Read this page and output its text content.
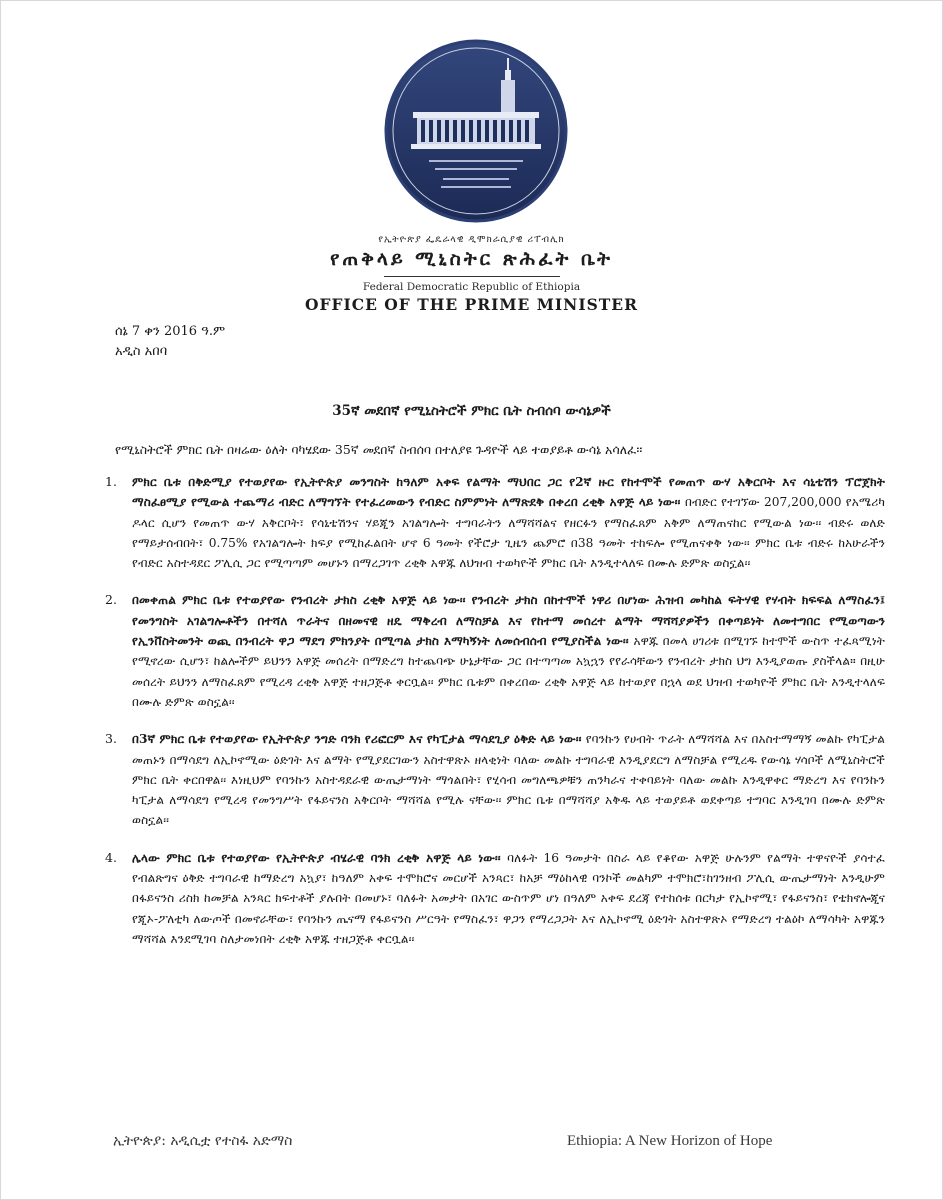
የኢትዮጵያ ፌዴራላዊ ዲሞክራሲያዊ ሪፐብሊክ
የጠቅላይ ሚኒስትር ጽሕፈት ቤት
Federal Democratic Republic of Ethiopia
OFFICE OF THE PRIME MINISTER
ሰኔ 7 ቀን 2016 ዓ.ም
አዲስ አበባ
35ኛ መደበኛ የሚኒስትሮች ምክር ቤት ስብሰባ ውሳኔዎች
የሚኒስትሮች ምክር ቤት በዛሬው ዕለት ባካሄደው 35ኛ መደበኛ ስብሰባ በተለያዩ ጉዳዮች ላይ ተወያይቶ ውሳኔ አሳለፈ፡፡
1. ምክር ቤቱ በቅድሚያ የተወያየው የኢትዮጵያ መንግስት ከዓለም አቀፍ የልማት ማህበር ጋር የ2ኛ ዙር የከተሞች የመጠጥ ውሃ አቅርቦት እና ሳኒቴሽን ፕሮጀክት ማስፈፀሚያ የሚውል ተጨማሪ ብድር ለማግኘት የተፈረመውን የብድር ስምምነት ለማጽደቅ በቀረበ ረቂቅ አዋጅ ላይ ነው፡፡ በብድር የተገኘው 207,200,000 የአሜሪካ ዶላር ሲሆን የመጠጥ ውሃ አቅርቦት፣ የሳኒቴሽንና ሃይጂን አገልግሎት ተግባራትን ለማሻሻልና የዘርፉን የማስፈጸም አቅም ለማጠናከር የሚውል ነው፡፡ ብድሩ ወለድ የማይታሰብበት፣ 0.75% የአገልግሎት ክፍያ የሚከፈልበት ሆኖ 6 ዓመት የችሮታ ጊዜን ጨምሮ በ38 ዓመት ተከፍሎ የሚጠናቀቅ ነው፡፡ ምክር ቤቱ ብድሩ ከአሁራችን የብድር አስተዳደር ፖሊሲ ጋር የሚጣጣም መሆኑን በማረጋገጥ ረቂቅ አዋጁ ለህዝብ ተወካዮች ምክር ቤት እንዲተላለፍ በሙሉ ድምጽ ወስኗል፡፡
2. በመቀጠል ምክር ቤቱ የተወያየው የንብረት ታክስ ረቂቅ አዋጅ ላይ ነው፡፡ የንብረት ታክስ በከተሞች ነዋሪ በሆነው ሕዝብ መካከል ፍትሃዊ የሃብት ክፍፍል ለማስፈን፤ የመንግስት አገልግሎቶችን በተሻለ ጥራትና በዘመናዊ ዘዴ ማቅረብ ለማስቻል እና የከተማ መሰረተ ልማት ማሻሻያዎችን በቀጣይነት ለመተግበር የሚወጣውን የኢንቨስትመንት ወጪ በንብረት ዋጋ ማደግ ምክንያት በሚጣል ታክስ እማካኝነት ለመሰብሰብ የሚያስችል ነው፡፡ አዋጁ በመላ ሀገሪቱ በሚገኙ ከተሞች ውስጥ ተፈጻሚነት የሚኖረው ሲሆን፣ ከልሎችም ይህንን አዋጅ መሰረት በማድረግ ከተጨባጭ ሁኔታቸው ጋር በተጣጣመ አኳኋን የየራሳቸውን የንብረት ታክስ ህግ እንዲያወጡ ያስችላል። በዚሁ መሰረት ይህንን ለማስፈጸም የሚረዳ ረቂቅ አዋጅ ተዘጋጅቶ ቀርቧል፡፡ ምክር ቤቱም በቀረበው ረቂቅ አዋጅ ላይ ከተወያየ በኋላ ወደ ህዝብ ተወካዮች ምክር ቤት እንዲተላለፍ በሙሉ ድምጽ ወስኗል፡፡
3. በ3ኛ ምክር ቤቱ የተወያየው የኢትዮጵያ ንግድ ባንክ የሪፎርም እና የካፒታል ማሳደጊያ ዕቅድ ላይ ነው፡፡ የባንኩን የሀብት ጥራት ለማሻሻል እና በአስተማማኝ መልኩ የካፒታል መጠኑን በማሳደግ ለኢኮኖሚው ዕድገት እና ልማት የሚያደርገውን አስተዋጽኦ ዘላቂነት ባለው መልኩ ተግባራዊ እንዲያደርግ ለማስቻል የሚረዱ የውሳኔ ሃሳቦች ለሚኒስትሮች ምክር ቤት ቀርበዋል፡፡ እነዚህም የባንኩን አስተዳደራዊ ውጤታማነት ማጎልበት፣ የሂሳብ መግለጫዎቹን ጠንካራና ተቀባይነት ባለው መልኩ እንዲዋቀር ማድረግ እና የባንኩን ካፒታል ለማሳደግ የሚረዳ የመንግሥት የፋይናንስ አቅርቦት ማሻሻል የሚሉ ናቸው፡፡ ምክር ቤቱ በማሻሻያ አቅዱ ላይ ተወያይቶ ወደቀጣይ ተግባር እንዲገባ በሙሉ ድምጽ ወስኗል፡፡
4. ሌላው ምክር ቤቱ የተወያየው የኢትዮጵያ ብሄራዊ ባንክ ረቂቅ አዋጅ ላይ ነው፡፡ ባለፉት 16 ዓመታት በስራ ላይ የቆየው አዋጅ ሁሉንም የልማት ተዋናዮች ያሳተፈ የብልጽግና ዕቅድ ተግባራዊ ከማድረግ አኳያ፣ ከዓለም አቀፍ ተሞክሮና መርሆች አንጻር፣ ከአቻ ማዕከላዊ ባንኮች መልካም ተሞክሮ፣ከገንዘብ ፖሊሲ ውጤታማነት እንዲሁም በፋይናንስ ሪስክ ከመቻል አንጻር ክፍተቶች ያሉበት በመሆኑ፣ ባለፉት አመታት በአገር ውስጥም ሆነ በዓለም አቀፍ ደረጃ የተከሰቱ በርካታ የኢኮኖሚ፣ የፋይናንስ፣ የቴክኖሎጂና የጂኦ-ፖለቲካ ለውጦች በመኖራቸው፣ የባንኩን ጤናማ የፋይናንስ ሥርዓት የማስፈን፣ ዋጋን የማረጋጋት እና ለኢኮኖሚ ዕድገት አስተዋጽኦ የማድረግ ተልዕኮ ለማሳካት አዋጁን ማሻሻል እንደሚገባ ስለታመነበት ረቂቅ አዋጁ ተዘጋጅቶ ቀርቧል፡፡
ኢትዮጵያ: አዲሲቷ የተስፋ አድማስ	Ethiopia: A New Horizon of Hope
